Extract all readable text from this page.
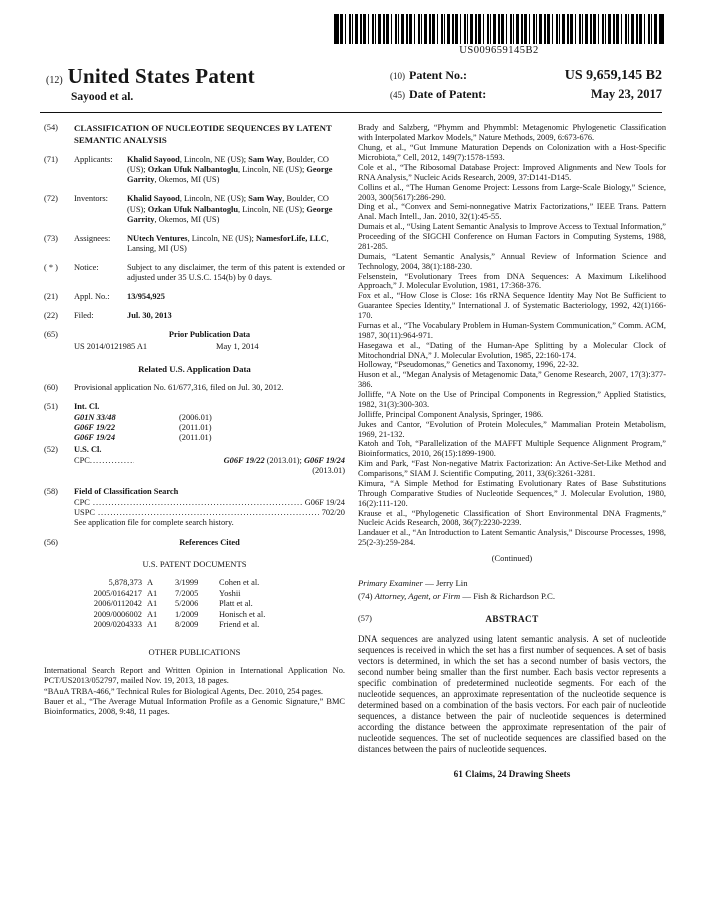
US009659145B2
(12) United States Patent
Sayood et al.
(10) Patent No.:	US 9,659,145 B2
(45) Date of Patent:	May 23, 2017
(54)	CLASSIFICATION OF NUCLEOTIDE SEQUENCES BY LATENT SEMANTIC ANALYSIS
(71)	Applicants:	Khalid Sayood, Lincoln, NE (US); Sam Way, Boulder, CO (US); Ozkan Ufuk Nalbantoglu, Lincoln, NE (US); George Garrity, Okemos, MI (US)
(72)	Inventors:	Khalid Sayood, Lincoln, NE (US); Sam Way, Boulder, CO (US); Ozkan Ufuk Nalbantoglu, Lincoln, NE (US); George Garrity, Okemos, MI (US)
(73)	Assignees:	NUtech Ventures, Lincoln, NE (US); NamesforLife, LLC, Lansing, MI (US)
( * )	Notice:	Subject to any disclaimer, the term of this patent is extended or adjusted under 35 U.S.C. 154(b) by 0 days.
(21)	Appl. No.:	13/954,925
(22)	Filed:	Jul. 30, 2013
(65)	Prior Publication Data
US 2014/0121985 A1	May 1, 2014
Related U.S. Application Data
(60)	Provisional application No. 61/677,316, filed on Jul. 30, 2012.
(51)	Int. Cl.
G01N 33/48	(2006.01)
G06F 19/22	(2011.01)
G06F 19/24	(2011.01)
(52)	U.S. Cl.
CPC .....	G06F 19/22 (2013.01); G06F 19/24
(2013.01)
(58)	Field of Classification Search
CPC .....	G06F 19/24
USPC .....	702/20
See application file for complete search history.
(56)	References Cited
U.S. PATENT DOCUMENTS
5,878,373 A	3/1999	Cohen et al.
2005/0164217 A1	7/2005	Yoshii
2006/0112042 A1	5/2006	Platt et al.
2009/0006002 A1	1/2009	Honisch et al.
2009/0204333 A1	8/2009	Friend et al.
OTHER PUBLICATIONS

International Search Report and Written Opinion in International Application No. PCT/US2013/052797, mailed Nov. 19, 2013, 18 pages.

“BAuA TRBA-466,” Technical Rules for Biological Agents, Dec. 2010, 254 pages.

Bauer et al., “The Average Mutual Information Profile as a Genomic Signature,” BMC Bioinformatics, 2008, 9:48, 11 pages.

Brady and Salzberg, “Phymm and Phymmbl: Metagenomic Phylogenetic Classification with Interpolated Markov Models,” Nature Methods, 2009, 6:673-676.

Chung, et al., “Gut Immune Maturation Depends on Colonization with a Host-Specific Microbiota,” Cell, 2012, 149(7):1578-1593.

Cole et al., “The Ribosomal Database Project: Improved Alignments and New Tools for RNA Analysis,” Nucleic Acids Research, 2009, 37:D141-D145.

Collins et al., “The Human Genome Project: Lessons from Large-Scale Biology,” Science, 2003, 300(5617):286-290.

Ding et al., “Convex and Semi-nonnegative Matrix Factorizations,” IEEE Trans. Pattern Anal. Mach Intell., Jan. 2010, 32(1):45-55.

Dumais et al., “Using Latent Semantic Analysis to Improve Access to Textual Information,” Proceeding of the SIGCHI Conference on Human Factors in Computing Systems, 1988, 281-285.

Dumais, “Latent Semantic Analysis,” Annual Review of Information Science and Technology, 2004, 38(1):188-230.

Felsenstein, “Evolutionary Trees from DNA Sequences: A Maximum Likelihood Approach,” J. Molecular Evolution, 1981, 17:368-376.

Fox et al., “How Close is Close: 16s rRNA Sequence Identity May Not Be Sufficient to Guarantee Species Identity,” International J. of Systematic Bacteriology, 1992, 42(1)166-170.

Furnas et al., “The Vocabulary Problem in Human-System Communication,” Comm. ACM, 1987, 30(11):964-971.

Hasegawa et al., “Dating of the Human-Ape Splitting by a Molecular Clock of Mitochondrial DNA,” J. Molecular Evolution, 1985, 22:160-174.

Holloway, “Pseudomonas,” Genetics and Taxonomy, 1996, 22-32.

Huson et al., “Megan Analysis of Metagenomic Data,” Genome Research, 2007, 17(3):377-386.

Jolliffe, “A Note on the Use of Principal Components in Regression,” Applied Statistics, 1982, 31(3):300-303.

Jolliffe, Principal Component Analysis, Springer, 1986.

Jukes and Cantor, “Evolution of Protein Molecules,” Mammalian Protein Metabolism, 1969, 21-132.

Katoh and Toh, “Parallelization of the MAFFT Multiple Sequence Alignment Program,” Bioinformatics, 2010, 26(15):1899-1900.

Kim and Park, “Fast Non-negative Matrix Factorization: An Active-Set-Like Method and Comparisons,” SIAM J. Scientific Computing, 2011, 33(6):3261-3281.

Kimura, “A Simple Method for Estimating Evolutionary Rates of Base Substitutions Through Comparative Studies of Nucleotide Sequences,” J. Molecular Evolution, 1980, 16(2):111-120.

Krause et al., “Phylogenetic Classification of Short Environmental DNA Fragments,” Nucleic Acids Research, 2008, 36(7):2230-2239.

Landauer et al., “An Introduction to Latent Semantic Analysis,” Discourse Processes, 1998, 25(2-3):259-284.

(Continued)
Primary Examiner — Jerry Lin
(74) Attorney, Agent, or Firm — Fish & Richardson P.C.
(57)	ABSTRACT
DNA sequences are analyzed using latent semantic analysis. A set of nucleotide sequences is received in which the set has a first number of sequences. A set of basis vectors is determined, in which the set has a second number of basis vectors, the second number being smaller than the first number. Each basis vector represents a specific combination of predetermined nucleotide segments. For each of the nucleotide sequences, an approximate representation of the nucleotide sequence is determined based on a combination of the basis vectors. For each pair of nucleotide sequences, a distance between the pair of nucleotide sequences is determined according the distance between the approximate representation of the pair of nucleotide sequences. The set of nucleotide sequences are classified based on the distances between the pairs of nucleotide sequences.
61 Claims, 24 Drawing Sheets
